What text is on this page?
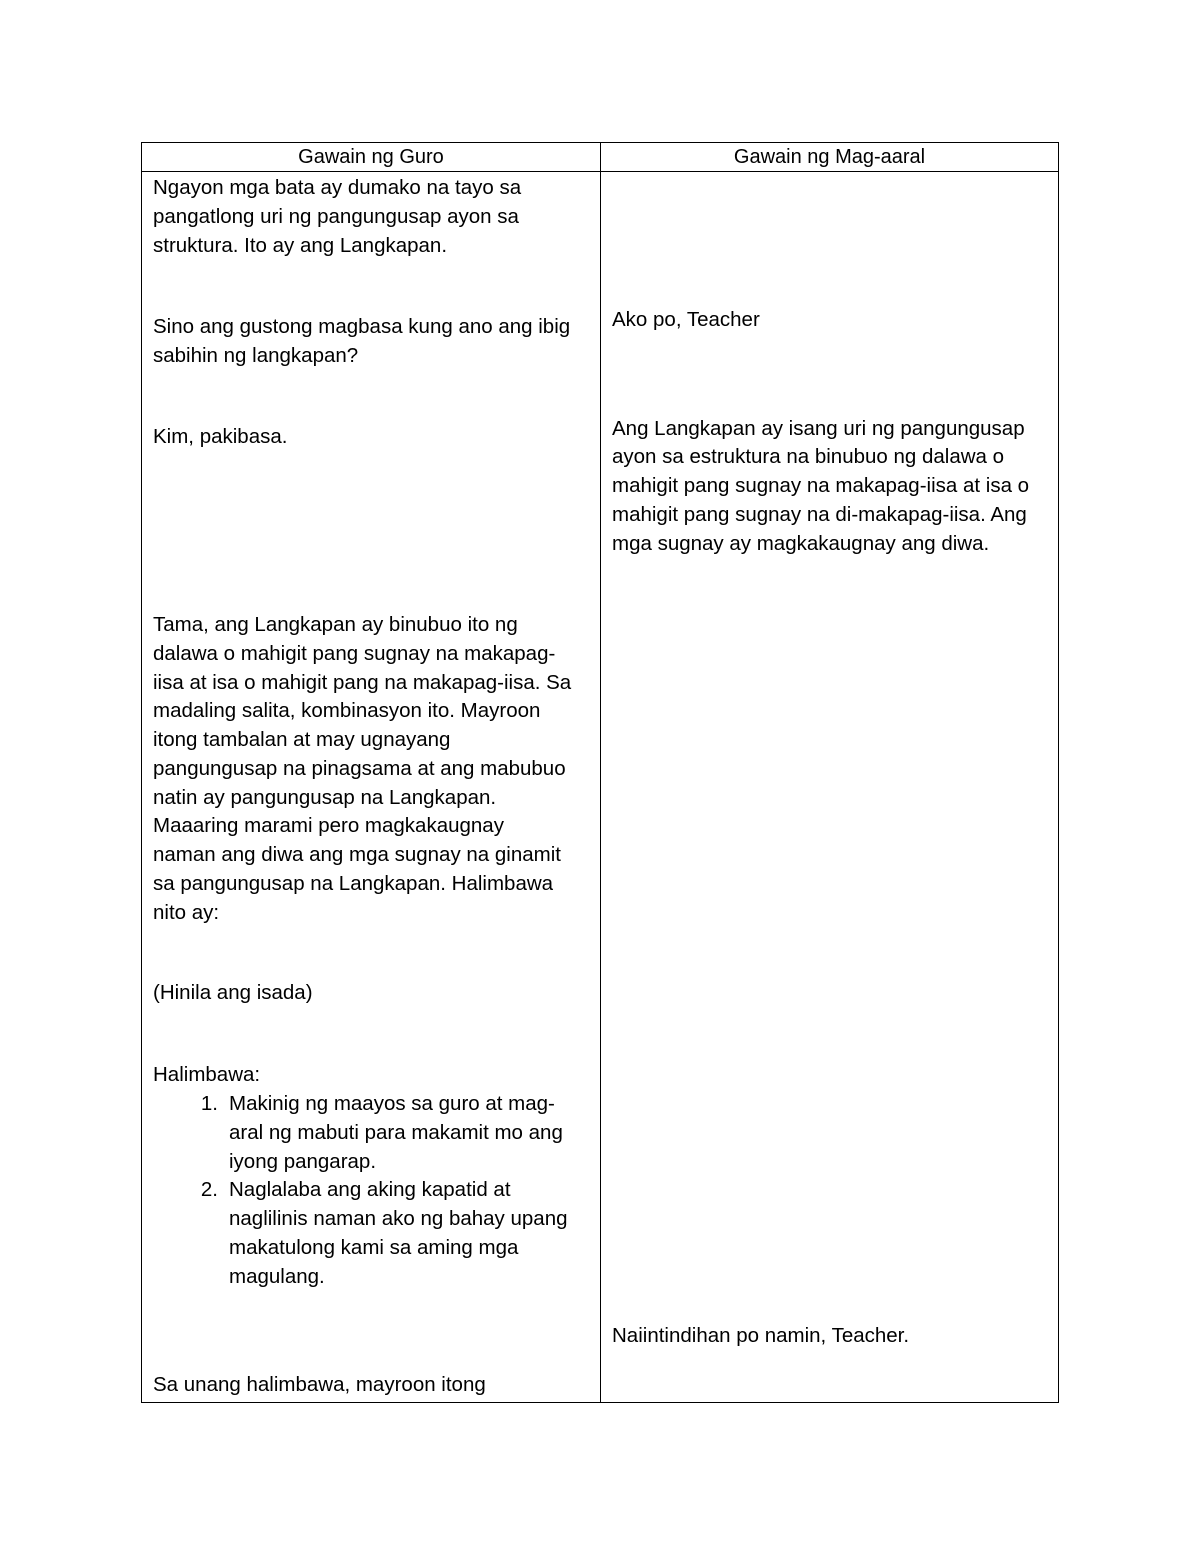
Gawain ng Guro	Gawain ng Mag-aaral
Ngayon mga bata ay dumako na tayo sa
pangatlong uri ng pangungusap ayon sa
struktura. Ito ay ang Langkapan.
Sino ang gustong magbasa kung ano ang ibig
sabihin ng langkapan?
Kim, pakibasa.
Tama, ang Langkapan ay binubuo ito ng
dalawa o mahigit pang sugnay na makapag-
iisa at isa o mahigit pang na makapag-iisa. Sa
madaling salita, kombinasyon ito. Mayroon
itong tambalan at may ugnayang
pangungusap na pinagsama at ang mabubuo
natin ay pangungusap na Langkapan.
Maaaring marami pero magkakaugnay
naman ang diwa ang mga sugnay na ginamit
sa pangungusap na Langkapan. Halimbawa
nito ay:
(Hinila ang isada)
Halimbawa:
1. Makinig ng maayos sa guro at mag-
aral ng mabuti para makamit mo ang
iyong pangarap.
2. Naglalaba ang aking kapatid at
naglilinis naman ako ng bahay upang
makatulong kami sa aming mga
magulang.
Sa unang halimbawa, mayroon itong
Ako po, Teacher
Ang Langkapan ay isang uri ng pangungusap
ayon sa estruktura na binubuo ng dalawa o
mahigit pang sugnay na makapag-iisa at isa o
mahigit pang sugnay na di-makapag-iisa. Ang
mga sugnay ay magkakaugnay ang diwa.
Naiintindihan po namin, Teacher.
